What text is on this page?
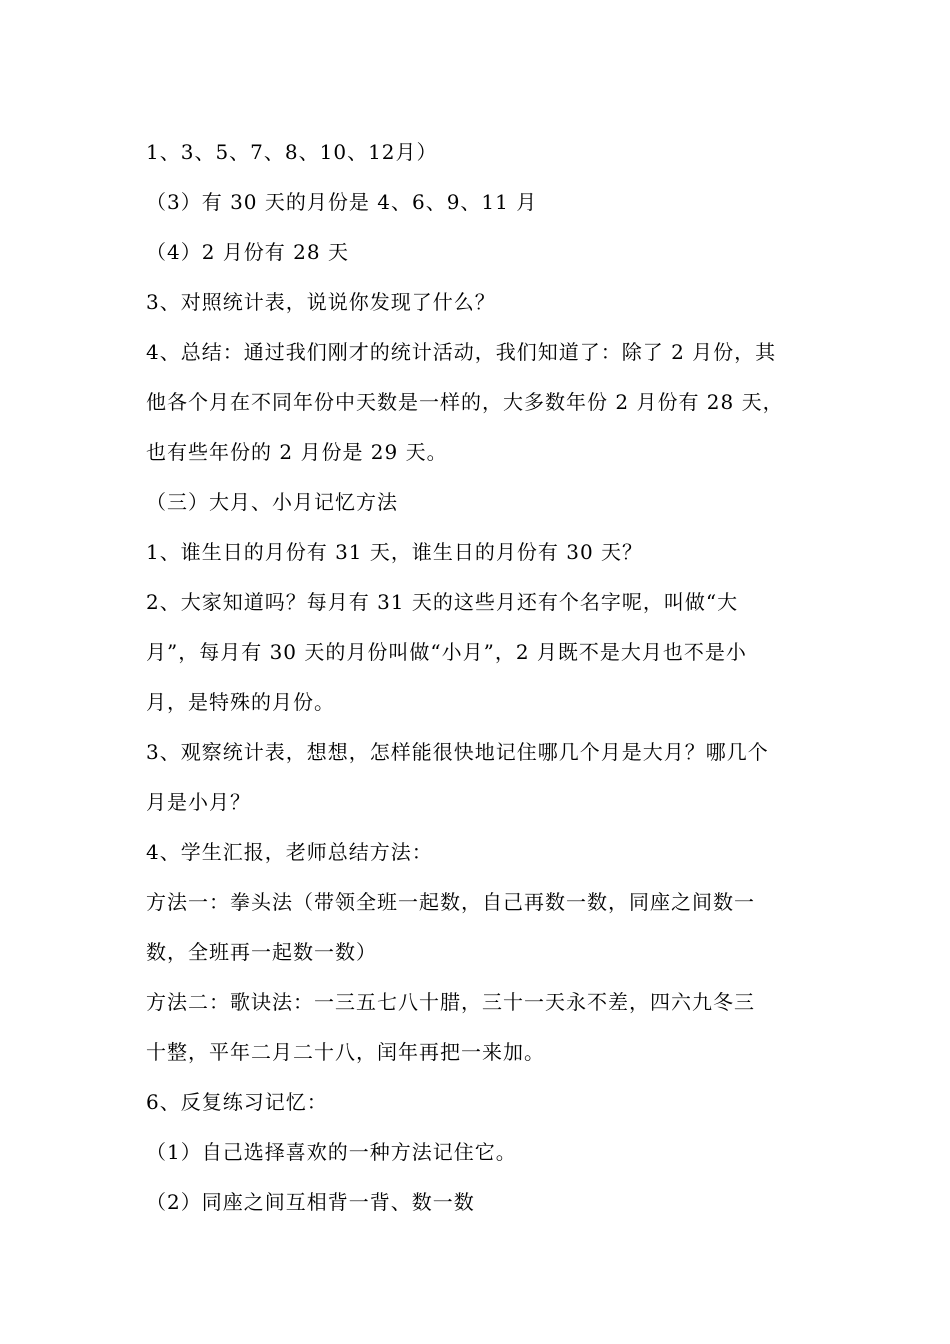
1、3、5、7、8、10、12月）
（3）有 30 天的月份是 4、6、9、11 月
（4）2 月份有 28 天
3、对照统计表，说说你发现了什么？
4、总结：通过我们刚才的统计活动，我们知道了：除了 2 月份，其
他各个月在不同年份中天数是一样的，大多数年份 2 月份有 28 天，
也有些年份的 2 月份是 29 天。
（三）大月、小月记忆方法
1、谁生日的月份有 31 天，谁生日的月份有 30 天？
2、大家知道吗？每月有 31 天的这些月还有个名字呢，叫做“大
月”，每月有 30 天的月份叫做“小月”，2 月既不是大月也不是小
月，是特殊的月份。
3、观察统计表，想想，怎样能很快地记住哪几个月是大月？哪几个
月是小月？
4、学生汇报，老师总结方法：
方法一：拳头法（带领全班一起数，自己再数一数，同座之间数一
数，全班再一起数一数）
方法二：歌诀法：一三五七八十腊，三十一天永不差，四六九冬三
十整，平年二月二十八，闰年再把一来加。
6、反复练习记忆：
（1）自己选择喜欢的一种方法记住它。
（2）同座之间互相背一背、数一数
